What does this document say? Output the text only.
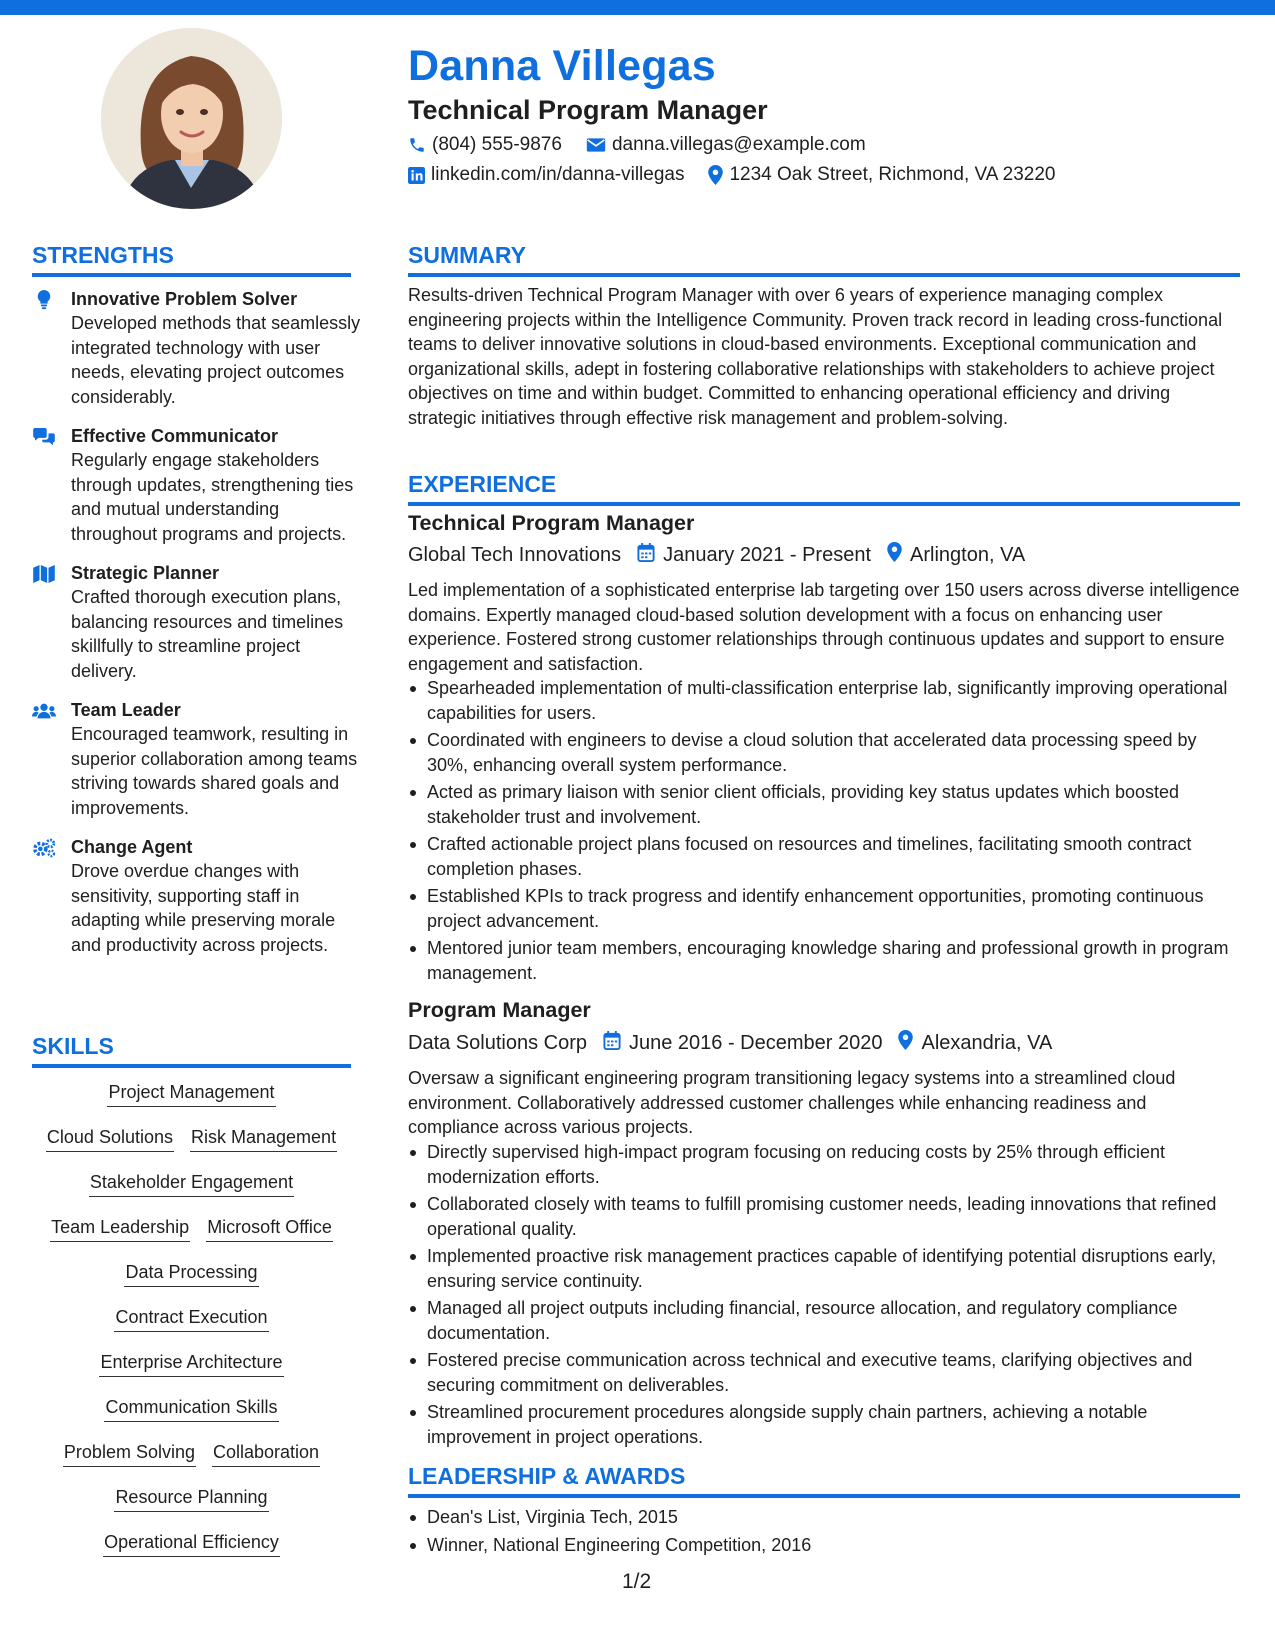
Danna Villegas
Technical Program Manager
(804) 555-9876	danna.villegas@example.com
linkedin.com/in/danna-villegas 1234 Oak Street, Richmond, VA 23220
STRENGTHS
Innovative Problem Solver
Developed methods that seamlessly integrated technology with user needs, elevating project outcomes considerably.
Effective Communicator
Regularly engage stakeholders through updates, strengthening ties and mutual understanding throughout programs and projects.
Strategic Planner
Crafted thorough execution plans, balancing resources and timelines skillfully to streamline project delivery.
Team Leader
Encouraged teamwork, resulting in superior collaboration among teams striving towards shared goals and improvements.
Change Agent
Drove overdue changes with sensitivity, supporting staff in adapting while preserving morale and productivity across projects.
SKILLS
Project Management
Cloud Solutions Risk Management
Stakeholder Engagement
Team Leadership Microsoft Office
Data Processing
Contract Execution
Enterprise Architecture
Communication Skills
Problem Solving Collaboration
Resource Planning
Operational Efficiency
SUMMARY

Results-driven Technical Program Manager with over 6 years of experience managing complex engineering projects within the Intelligence Community. Proven track record in leading cross-functional teams to deliver innovative solutions in cloud-based environments. Exceptional communication and organizational skills, adept in fostering collaborative relationships with stakeholders to achieve project objectives on time and within budget. Committed to enhancing operational efficiency and driving strategic initiatives through effective risk management and problem-solving.

EXPERIENCE
Technical Program Manager
Global Tech Innovations January 2021 - Present Arlington, VA

Led implementation of a sophisticated enterprise lab targeting over 150 users across diverse intelligence domains. Expertly managed cloud-based solution development with a focus on enhancing user experience. Fostered strong customer relationships through continuous updates and support to ensure engagement and satisfaction.

Spearheaded implementation of multi-classification enterprise lab, significantly improving operational capabilities for users.
Coordinated with engineers to devise a cloud solution that accelerated data processing speed by 30%, enhancing overall system performance.
Acted as primary liaison with senior client officials, providing key status updates which boosted stakeholder trust and involvement.
Crafted actionable project plans focused on resources and timelines, facilitating smooth contract completion phases.
Established KPIs to track progress and identify enhancement opportunities, promoting continuous project advancement.
Mentored junior team members, encouraging knowledge sharing and professional growth in program management.
Program Manager
Data Solutions Corp June 2016 - December 2020 Alexandria, VA

Oversaw a significant engineering program transitioning legacy systems into a streamlined cloud environment. Collaboratively addressed customer challenges while enhancing readiness and compliance across various projects.

Directly supervised high-impact program focusing on reducing costs by 25% through efficient modernization efforts.
Collaborated closely with teams to fulfill promising customer needs, leading innovations that refined operational quality.
Implemented proactive risk management practices capable of identifying potential disruptions early, ensuring service continuity.
Managed all project outputs including financial, resource allocation, and regulatory compliance documentation.
Fostered precise communication across technical and executive teams, clarifying objectives and securing commitment on deliverables.
Streamlined procurement procedures alongside supply chain partners, achieving a notable improvement in project operations.
LEADERSHIP & AWARDS
Dean's List, Virginia Tech, 2015
Winner, National Engineering Competition, 2016

1/2
